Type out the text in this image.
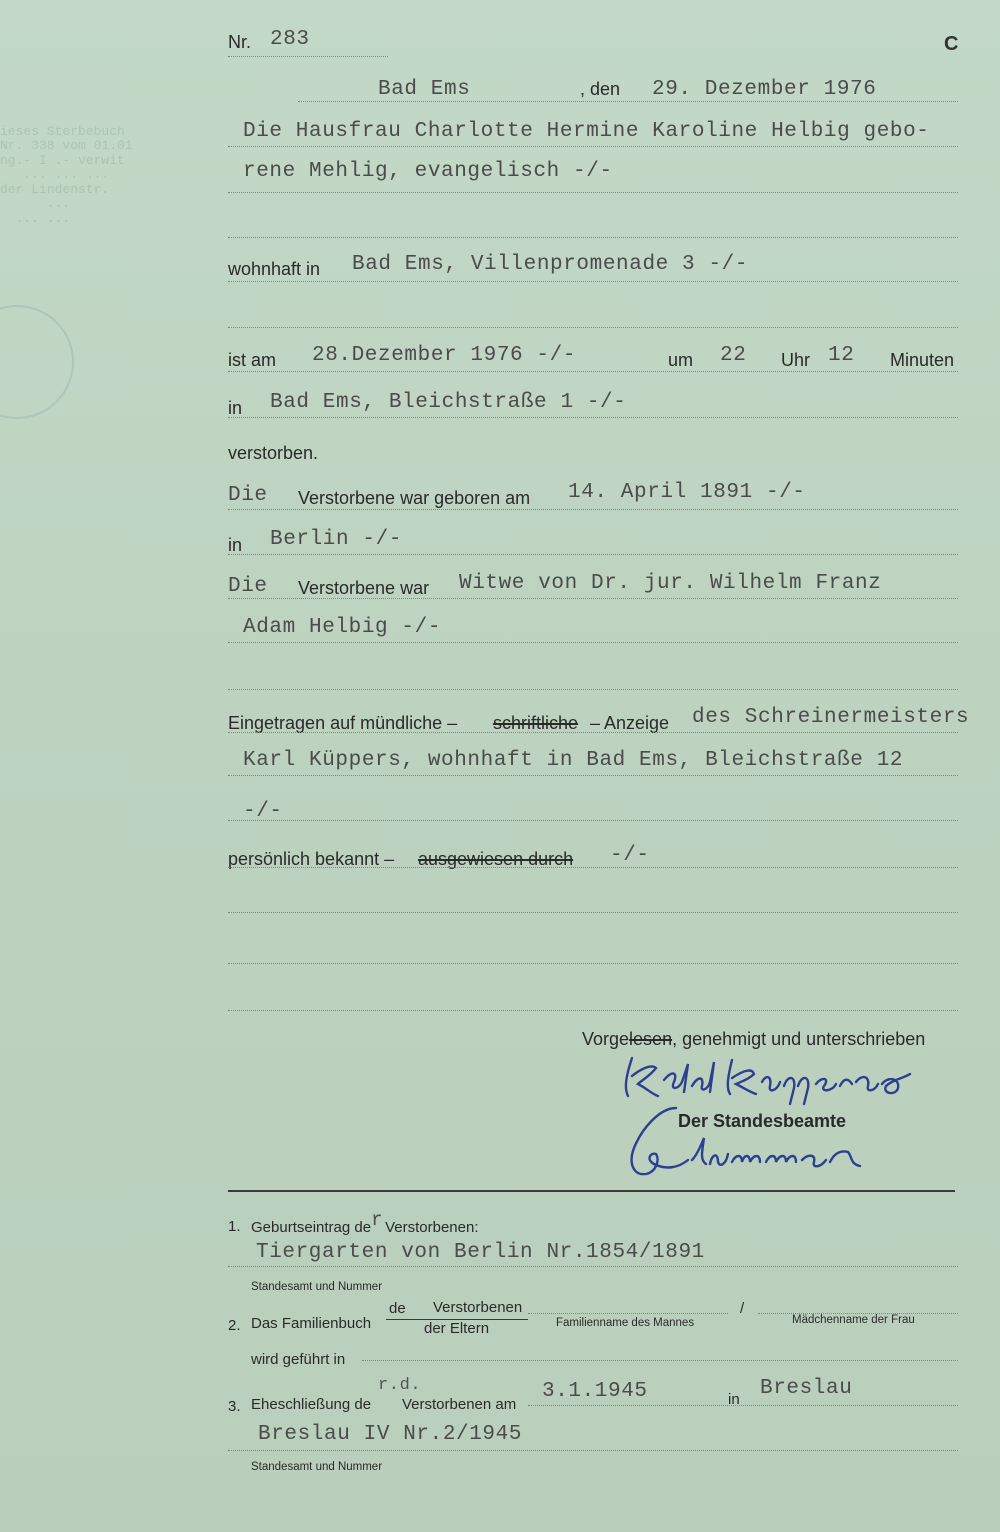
ieses Sterbebuch
Nr. 338 vom 01.01
ng.- I .- verwit
... ... ...
der Lindenstr.
...
... ...

C
Nr. 283
Bad Ems	, den 29. Dezember 1976
Die Hausfrau Charlotte Hermine Karoline Helbig gebo-
rene Mehlig, evangelisch -/-
wohnhaft in Bad Ems, Villenpromenade 3 -/-
ist am 28.Dezember 1976 -/-	um 22 Uhr 12 Minuten
in Bad Ems, Bleichstraße 1 -/-
verstorben.
Die Verstorbene war geboren am 14. April 1891 -/-
in Berlin -/-
Die Verstorbene war Witwe von Dr. jur. Wilhelm Franz
Adam Helbig -/-
Eingetragen auf mündliche – schriftliche – Anzeige des Schreinermeisters
Karl Küppers, wohnhaft in Bad Ems, Bleichstraße 12
-/-
persönlich bekannt – ausgewiesen durch -/-
Vorgelesen, genehmigt und unterschrieben
Der Standesbeamte
1. Geburtseintrag der Verstorbenen:
Tiergarten von Berlin Nr.1854/1891
Standesamt und Nummer
2. Das Familienbuch
de Verstorbenen
der Eltern	Familienname des Mannes
/
Mädchenname der Frau
wird geführt in
3. Eheschließung de
r.d.
Verstorbenen am
3.1.1945	in Breslau
Breslau IV Nr.2/1945
Standesamt und Nummer
